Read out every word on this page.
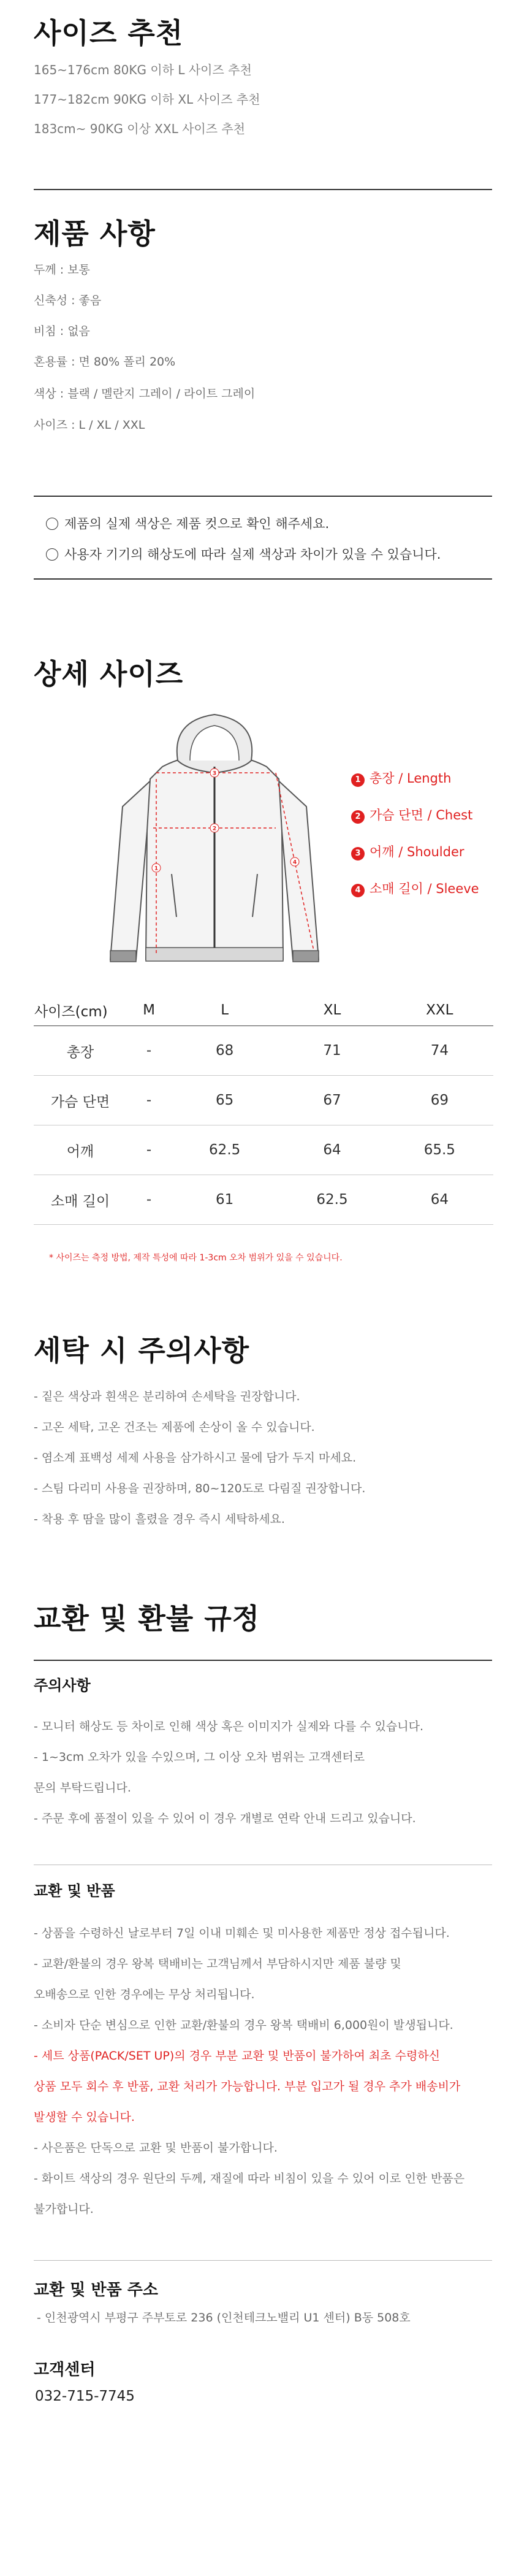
사이즈 추천
165~176cm 80KG 이하 L 사이즈 추천
177~182cm 90KG 이하 XL 사이즈 추천
183cm~ 90KG 이상 XXL 사이즈 추천
제품 사항
두께 : 보통
신축성 : 좋음
비침 : 없음
혼용률 : 면 80% 폴리 20%
색상 : 블랙 / 멜란지 그레이 / 라이트 그레이
사이즈 : L / XL / XXL
제품의 실제 색상은 제품 컷으로 확인 해주세요.
사용자 기기의 해상도에 따라 실제 색상과 차이가 있을 수 있습니다.
상세 사이즈
3
2
1
4
1 총장 / Length
2 가슴 단면 / Chest
3 어깨 / Shoulder
4 소매 길이 / Sleeve
사이즈(cm)	M	L	XL	XXL
총장	-	68	71	74
가슴 단면	-	65	67	69
어깨	-	62.5	64	65.5
소매 길이	-	61	62.5	64
* 사이즈는 측정 방법, 제작 특성에 따라 1-3cm 오차 범위가 있을 수 있습니다.
세탁 시 주의사항
- 짙은 색상과 흰색은 분리하여 손세탁을 권장합니다.
- 고온 세탁, 고온 건조는 제품에 손상이 올 수 있습니다.
- 염소계 표백성 세제 사용을 삼가하시고 물에 담가 두지 마세요.
- 스팀 다리미 사용을 권장하며, 80~120도로 다림질 권장합니다.
- 착용 후 땀을 많이 흘렸을 경우 즉시 세탁하세요.
교환 및 환불 규정
주의사항
- 모니터 해상도 등 차이로 인해 색상 혹은 이미지가 실제와 다를 수 있습니다.
- 1~3cm 오차가 있을 수있으며, 그 이상 오차 범위는 고객센터로
문의 부탁드립니다.
- 주문 후에 품절이 있을 수 있어 이 경우 개별로 연락 안내 드리고 있습니다.
교환 및 반품
- 상품을 수령하신 날로부터 7일 이내 미훼손 및 미사용한 제품만 정상 접수됩니다.
- 교환/환불의 경우 왕복 택배비는 고객님께서 부담하시지만 제품 불량 및
오배송으로 인한 경우에는 무상 처리됩니다.
- 소비자 단순 변심으로 인한 교환/환불의 경우 왕복 택배비 6,000원이 발생됩니다.
- 세트 상품(PACK/SET UP)의 경우 부분 교환 및 반품이 불가하여 최초 수령하신
상품 모두 회수 후 반품, 교환 처리가 가능합니다. 부분 입고가 될 경우 추가 배송비가
발생할 수 있습니다.
- 사은품은 단독으로 교환 및 반품이 불가합니다.
- 화이트 색상의 경우 원단의 두께, 재질에 따라 비침이 있을 수 있어 이로 인한 반품은
불가합니다.
교환 및 반품 주소
- 인천광역시 부평구 주부토로 236 (인천테크노밸리 U1 센터) B동 508호
고객센터
032-715-7745
